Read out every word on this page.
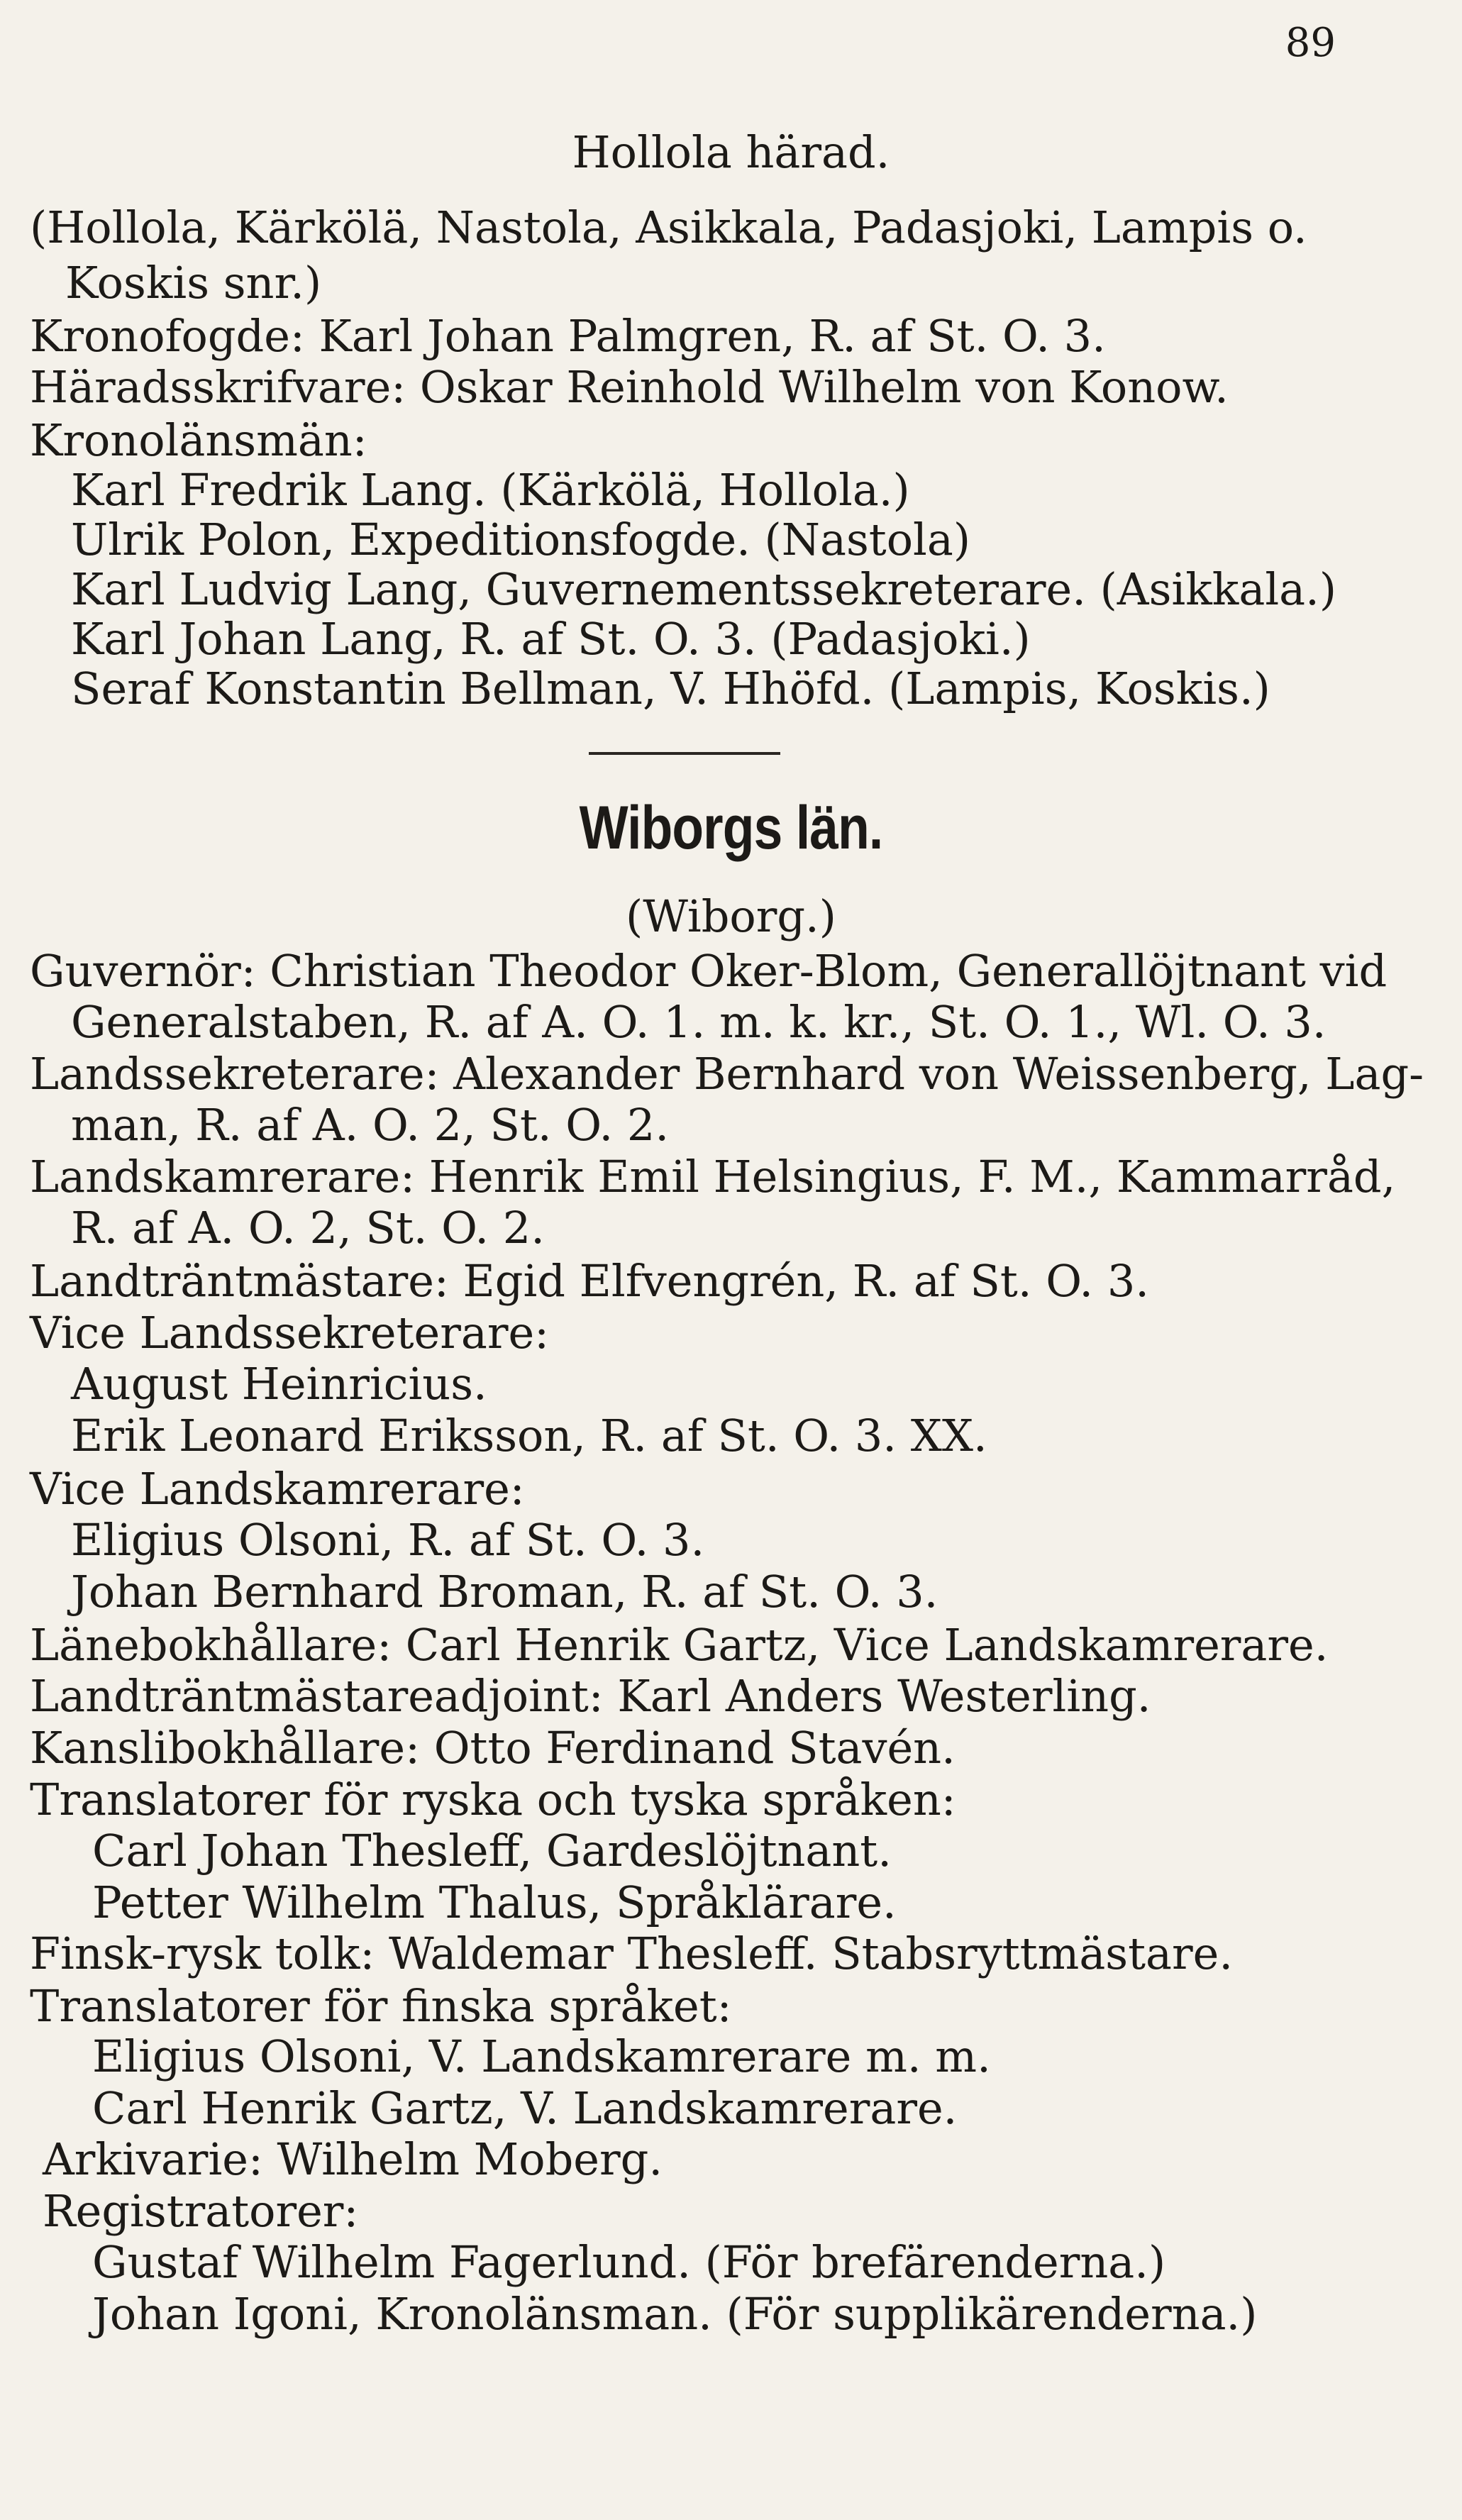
89
Hollola härad.
(Hollola, Kärkölä, Nastola, Asikkala, Padasjoki, Lampis o.
Koskis snr.)
Kronofogde: Karl Johan Palmgren, R. af St. O. 3.
Häradsskrifvare: Oskar Reinhold Wilhelm von Konow.
Kronolänsmän:
Karl Fredrik Lang. (Kärkölä, Hollola.)
Ulrik Polon, Expeditionsfogde. (Nastola)
Karl Ludvig Lang, Guvernementssekreterare. (Asikkala.)
Karl Johan Lang, R. af St. O. 3. (Padasjoki.)
Seraf Konstantin Bellman, V. Hhöfd. (Lampis, Koskis.)
Wiborgs län.
(Wiborg.)
Guvernör: Christian Theodor Oker-Blom, Generallöjtnant vid
Generalstaben, R. af A. O. 1. m. k. kr., St. O. 1., Wl. O. 3.
Landssekreterare: Alexander Bernhard von Weissenberg, Lag-
man, R. af A. O. 2, St. O. 2.
Landskamrerare: Henrik Emil Helsingius, F. M., Kammarråd,
R. af A. O. 2, St. O. 2.
Landträntmästare: Egid Elfvengrén, R. af St. O. 3.
Vice Landssekreterare:
August Heinricius.
Erik Leonard Eriksson, R. af St. O. 3. XX.
Vice Landskamrerare:
Eligius Olsoni, R. af St. O. 3.
Johan Bernhard Broman, R. af St. O. 3.
Länebokhållare: Carl Henrik Gartz, Vice Landskamrerare.
Landträntmästareadjoint: Karl Anders Westerling.
Kanslibokhållare: Otto Ferdinand Stavén.
Translatorer för ryska och tyska språken:
Carl Johan Thesleff, Gardeslöjtnant.
Petter Wilhelm Thalus, Språklärare.
Finsk-rysk tolk: Waldemar Thesleff. Stabsryttmästare.
Translatorer för finska språket:
Eligius Olsoni, V. Landskamrerare m. m.
Carl Henrik Gartz, V. Landskamrerare.
Arkivarie: Wilhelm Moberg.
Registratorer:
Gustaf Wilhelm Fagerlund. (För brefärenderna.)
Johan Igoni, Kronolänsman. (För supplikärenderna.)
